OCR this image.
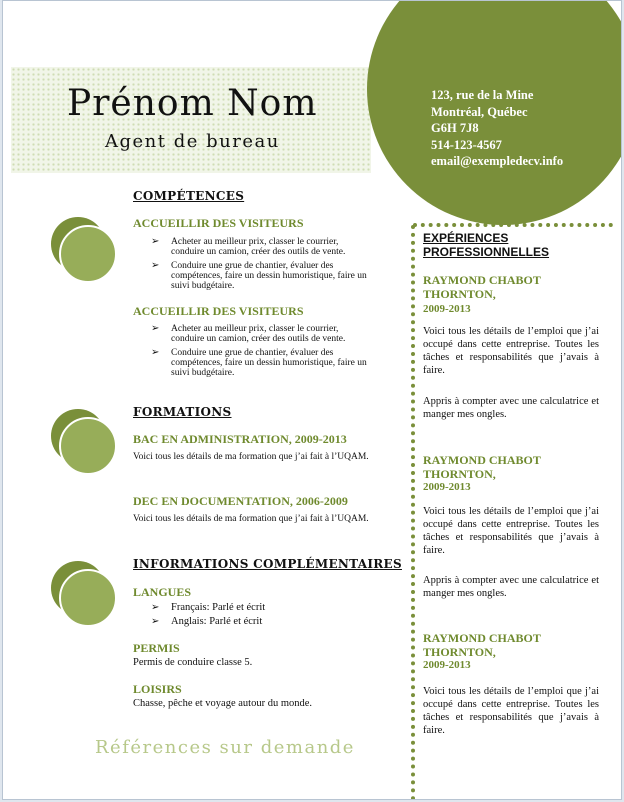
Prénom Nom
Agent de bureau
123, rue de la Mine
Montréal, Québec
G6H 7J8
514-123-4567
email@exempledecv.info
COMPÉTENCES
ACCUEILLIR DES VISITEURS
➢ Acheter au meilleur prix, classer le courrier, conduire un camion, créer des outils de vente.
➢ Conduire une grue de chantier, évaluer des compétences, faire un dessin humoristique, faire un suivi budgétaire.
ACCUEILLIR DES VISITEURS
➢ Acheter au meilleur prix, classer le courrier, conduire un camion, créer des outils de vente.
➢ Conduire une grue de chantier, évaluer des compétences, faire un dessin humoristique, faire un suivi budgétaire.
FORMATIONS
BAC EN ADMINISTRATION, 2009-2013
Voici tous les détails de ma formation que j’ai fait à l’UQAM.
DEC EN DOCUMENTATION, 2006-2009
Voici tous les détails de ma formation que j’ai fait à l’UQAM.
INFORMATIONS COMPLÉMENTAIRES
LANGUES
➢ Français: Parlé et écrit
➢ Anglais: Parlé et écrit
PERMIS
Permis de conduire classe 5.
LOISIRS
Chasse, pêche et voyage autour du monde.
EXPÉRIENCES
PROFESSIONNELLES
RAYMOND CHABOT
THORNTON,
2009-2013
Voici tous les détails de l’emploi que j’ai occupé dans cette entreprise. Toutes les tâches et responsabilités que j’avais à faire.
Appris à compter avec une calculatrice et manger mes ongles.
RAYMOND CHABOT
THORNTON,
2009-2013
Voici tous les détails de l’emploi que j’ai occupé dans cette entreprise. Toutes les tâches et responsabilités que j’avais à faire.
Appris à compter avec une calculatrice et manger mes ongles.
RAYMOND CHABOT
THORNTON,
2009-2013
Voici tous les détails de l’emploi que j’ai occupé dans cette entreprise. Toutes les tâches et responsabilités que j’avais à faire.
Références sur demande
